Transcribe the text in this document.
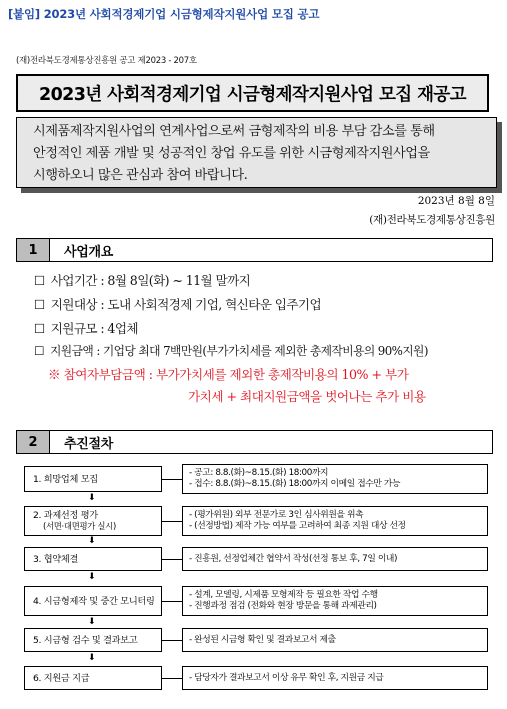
[붙임] 2023년 사회적경제기업 시금형제작지원사업 모집 공고
(재)전라북도경제통상진흥원 공고 제2023 - 207호
2023년 사회적경제기업 시금형제작지원사업 모집 재공고
시제품제작지원사업의 연계사업으로써 금형제작의 비용 부담 감소를 통해
안정적인 제품 개발 및 성공적인 창업 유도를 위한 시금형제작지원사업을
시행하오니 많은 관심과 참여 바랍니다.
2023년 8월 8일
(재)전라북도경제통상진흥원
1	사업개요
☐ 사업기간 : 8월 8일(화) ~ 11월 말까지
☐ 지원대상 : 도내 사회적경제 기업, 혁신타운 입주기업
☐ 지원규모 : 4업체
☐ 지원금액 : 기업당 최대 7백만원(부가가치세를 제외한 총제작비용의 90%지원)
※ 참여자부담금액 : 부가가치세를 제외한 총제작비용의 10% + 부가
가치세 + 최대지원금액을 벗어나는 추가 비용
2	추진절차
1. 희망업체 모집
- 공고: 8.8.(화)~8.15.(화) 18:00까지
- 접수: 8.8.(화)~8.15.(화) 18:00까지 이메일 접수만 가능
⬇
2. 과제선정 평가
(서면·대면평가 실시)
- (평가위원) 외부 전문가로 3인 심사위원을 위촉
- (선정방법) 제작 가능 여부를 고려하여 최종 지원 대상 선정
⬇
3. 협약체결	- 진흥원, 선정업체간 협약서 작성(선정 통보 후, 7일 이내)
⬇
4. 시금형제작 및 중간 모니터링
- 설계, 모델링, 시제품 모형제작 등 필요한 작업 수행
- 진행과정 점검 (전화와 현장 방문을 통해 과제관리)
⬇
5. 시금형 검수 및 결과보고	- 완성된 시금형 확인 및 결과보고서 제출
⬇
6. 지원금 지급	- 담당자가 결과보고서 이상 유무 확인 후, 지원금 지급
